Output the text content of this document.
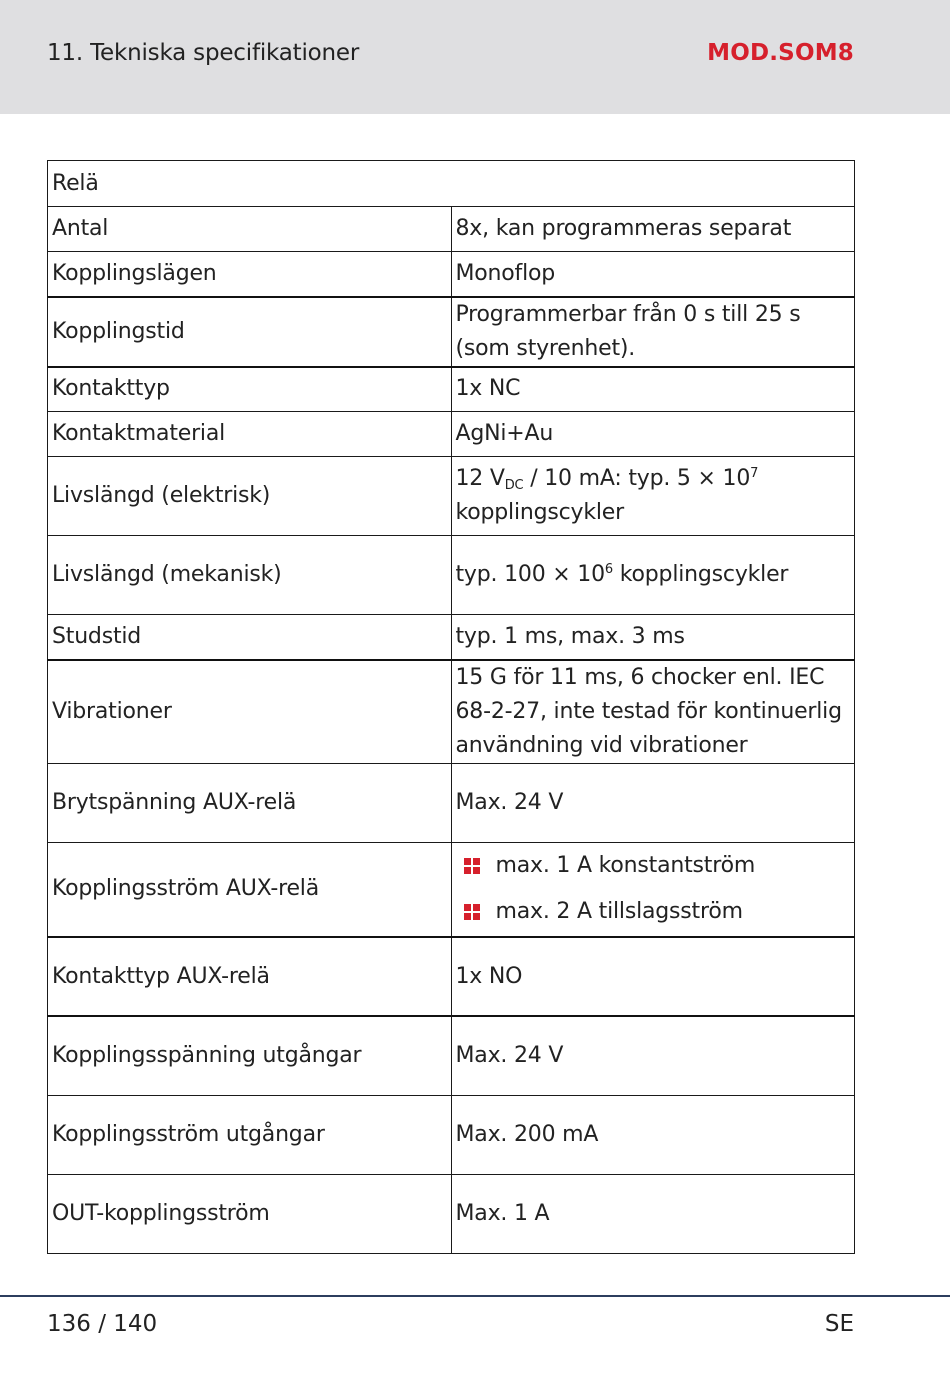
11. Tekniska specifikationer	MOD.SOM8
Relä	
Antal	8x, kan programmeras separat
Kopplingslägen	Monoflop
Kopplingstid	Programmerbar från 0 s till 25 s (som styrenhet).
Kontakttyp	1x NC
Kontaktmaterial	AgNi+Au
Livslängd (elektrisk)	12 $V_{DC} / 10$ mA: typ. $5 \times 10^7$ kopplingscykler
Livslängd (mekanisk)	typ. $100 \times 10^6$ kopplingscykler
Studstid	typ. 1 ms, max. 3 ms
Vibrationer	15 G för 11 ms, 6 chocker enl. IEC 68-2-27, inte testad för kontinuerlig användning vid vibrationer
Brytspänning AUX-relä	Max. 24 V
Kopplingsström AUX-relä	max. 1 A konstantström
max. 2 A tillslagsström

Kontakttyp AUX-relä	1x NO
Kopplingsspänning utgångar	Max. 24 V
Kopplingsström utgångar	Max. 200 mA
OUT-kopplingsström	Max. 1 A
136 / 140	SE
